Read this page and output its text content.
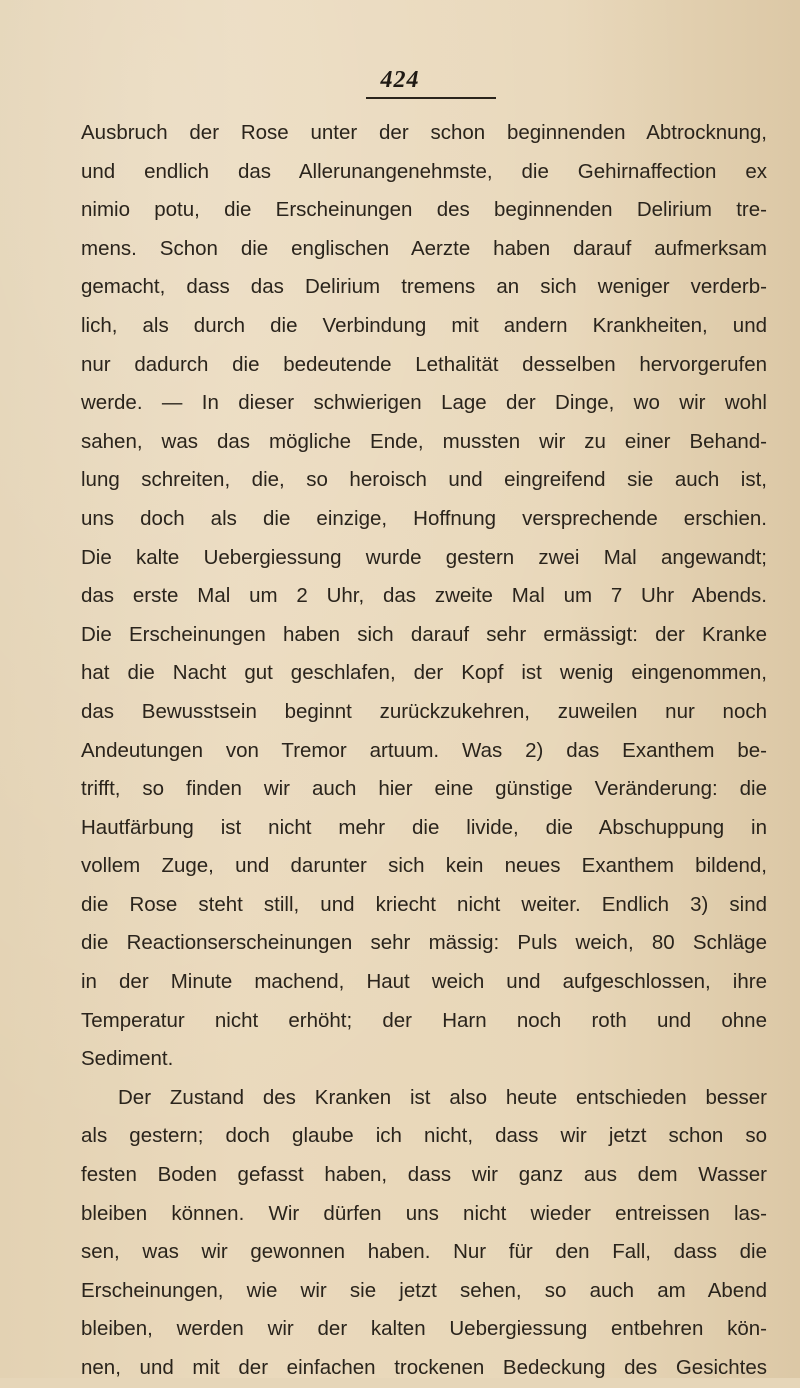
424
Ausbruch der Rose unter der schon beginnenden Abtrocknung,
und endlich das Allerunangenehmste, die Gehirnaffection ex
nimio potu, die Erscheinungen des beginnenden Delirium tre-
mens. Schon die englischen Aerzte haben darauf aufmerksam
gemacht, dass das Delirium tremens an sich weniger verderb-
lich, als durch die Verbindung mit andern Krankheiten, und
nur dadurch die bedeutende Lethalität desselben hervorgerufen
werde. — In dieser schwierigen Lage der Dinge, wo wir wohl
sahen, was das mögliche Ende, mussten wir zu einer Behand-
lung schreiten, die, so heroisch und eingreifend sie auch ist,
uns doch als die einzige, Hoffnung versprechende erschien.
Die kalte Uebergiessung wurde gestern zwei Mal angewandt;
das erste Mal um 2 Uhr, das zweite Mal um 7 Uhr Abends.
Die Erscheinungen haben sich darauf sehr ermässigt: der Kranke
hat die Nacht gut geschlafen, der Kopf ist wenig eingenommen,
das Bewusstsein beginnt zurückzukehren, zuweilen nur noch
Andeutungen von Tremor artuum. Was 2) das Exanthem be-
trifft, so finden wir auch hier eine günstige Veränderung: die
Hautfärbung ist nicht mehr die livide, die Abschuppung in
vollem Zuge, und darunter sich kein neues Exanthem bildend,
die Rose steht still, und kriecht nicht weiter. Endlich 3) sind
die Reactionserscheinungen sehr mässig: Puls weich, 80 Schläge
in der Minute machend, Haut weich und aufgeschlossen, ihre
Temperatur nicht erhöht; der Harn noch roth und ohne
Sediment.
Der Zustand des Kranken ist also heute entschieden besser
als gestern; doch glaube ich nicht, dass wir jetzt schon so
festen Boden gefasst haben, dass wir ganz aus dem Wasser
bleiben können. Wir dürfen uns nicht wieder entreissen las-
sen, was wir gewonnen haben. Nur für den Fall, dass die
Erscheinungen, wie wir sie jetzt sehen, so auch am Abend
bleiben, werden wir der kalten Uebergiessung entbehren kön-
nen, und mit der einfachen trockenen Bedeckung des Gesichtes
